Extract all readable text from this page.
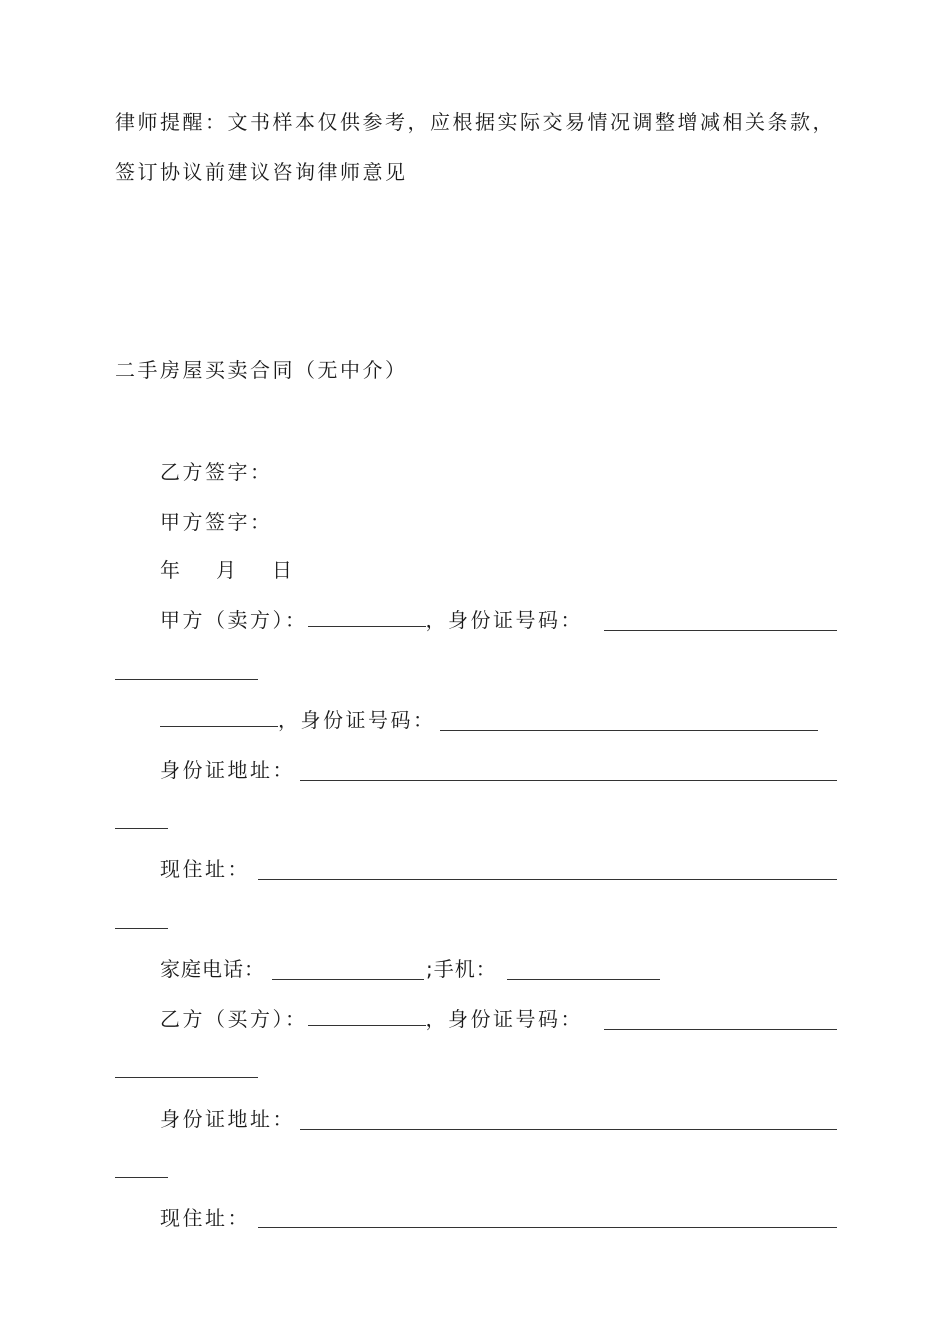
律师提醒：文书样本仅供参考，应根据实际交易情况调整增减相关条款，
签订协议前建议咨询律师意见
二手房屋买卖合同（无中介）
乙方签字：
甲方签字：
年　月　日
甲方（卖方）：	，身份证号码：
，身份证号码：
身份证地址：
现住址：
家庭电话：	;手机：
乙方（买方）：	，身份证号码：
身份证地址：
现住址：
